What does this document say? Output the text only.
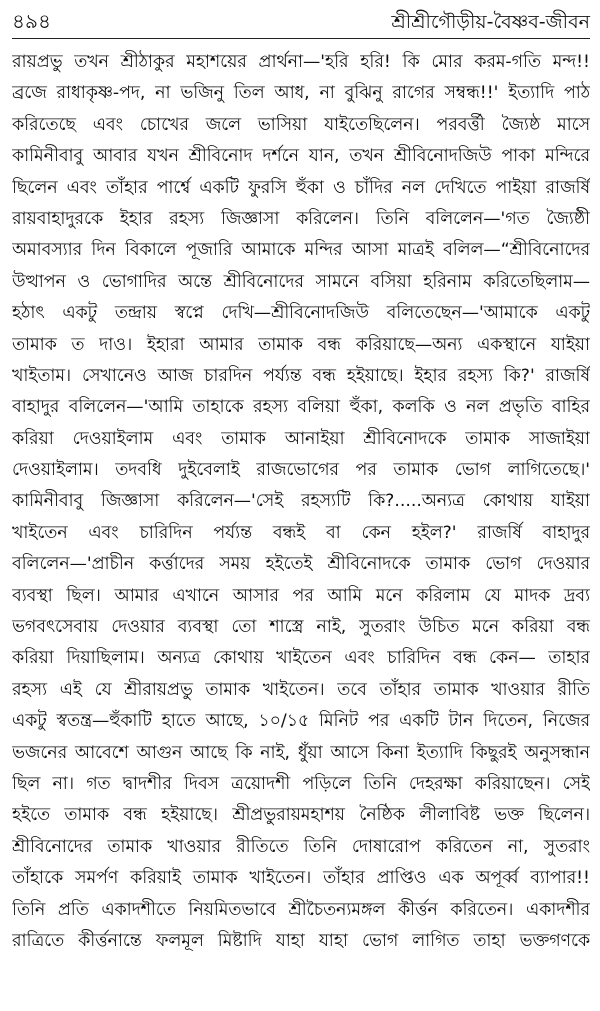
৪৯৪	শ্রীশ্রীগৌড়ীয়-বৈষ্ণব-জীবন
রায়প্রভু তখন শ্রীঠাকুর মহাশয়ের প্রার্থনা—'হরি হরি! কি মোর করম-গতি মন্দ!!
ব্রজে রাধাকৃষ্ণ-পদ, না ভজিনু তিল আধ, না বুঝিনু রাগের সম্বন্ধ!!' ইত্যাদি পাঠ
করিতেছে এবং চোখের জলে ভাসিয়া যাইতেছিলেন। পরবর্ত্তী জ্যৈষ্ঠ মাসে
কামিনীবাবু আবার যখন শ্রীবিনোদ দর্শনে যান, তখন শ্রীবিনোদজিউ পাকা মন্দিরে
ছিলেন এবং তাঁহার পার্শ্বে একটি ফুরসি হুঁকা ও চাঁদির নল দেখিতে পাইয়া রাজর্ষি
রায়বাহাদুরকে ইহার রহস্য জিজ্ঞাসা করিলেন। তিনি বলিলেন—'গত জ্যৈষ্ঠী
অমাবস্যার দিন বিকালে পূজারি আমাকে মন্দির আসা মাত্রই বলিল—“শ্রীবিনোদের
উত্থাপন ও ভোগাদির অন্তে শ্রীবিনোদের সামনে বসিয়া হরিনাম করিতেছিলাম—
হঠাৎ একটু তন্দ্রায় স্বপ্নে দেখি—শ্রীবিনোদজিউ বলিতেছেন—'আমাকে একটু
তামাক ত দাও। ইহারা আমার তামাক বন্ধ করিয়াছে—অন্য একস্থানে যাইয়া
খাইতাম। সেখানেও আজ চারদিন পর্য্যন্ত বন্ধ হইয়াছে। ইহার রহস্য কি?' রাজর্ষি
বাহাদুর বলিলেন—'আমি তাহাকে রহস্য বলিয়া হুঁকা, কলকি ও নল প্রভৃতি বাহির
করিয়া দেওয়াইলাম এবং তামাক আনাইয়া শ্রীবিনোদকে তামাক সাজাইয়া
দেওয়াইলাম। তদবধি দুইবেলাই রাজভোগের পর তামাক ভোগ লাগিতেছে।'
কামিনীবাবু জিজ্ঞাসা করিলেন—'সেই রহস্যটি কি?.....অন্যত্র কোথায় যাইয়া
খাইতেন এবং চারিদিন পর্য্যন্ত বন্ধই বা কেন হইল?' রাজর্ষি বাহাদুর
বলিলেন—'প্রাচীন কর্ত্তাদের সময় হইতেই শ্রীবিনোদকে তামাক ভোগ দেওয়ার
ব্যবস্থা ছিল। আমার এখানে আসার পর আমি মনে করিলাম যে মাদক দ্রব্য
ভগবৎসেবায় দেওয়ার ব্যবস্থা তো শাস্ত্রে নাই, সুতরাং উচিত মনে করিয়া বন্ধ
করিয়া দিয়াছিলাম। অন্যত্র কোথায় খাইতেন এবং চারিদিন বন্ধ কেন— তাহার
রহস্য এই যে শ্রীরায়প্রভু তামাক খাইতেন। তবে তাঁহার তামাক খাওয়ার রীতি
একটু স্বতন্ত্র—হুঁকাটি হাতে আছে, ১০/১৫ মিনিট পর একটি টান দিতেন, নিজের
ভজনের আবেশে আগুন আছে কি নাই, ধুঁয়া আসে কিনা ইত্যাদি কিছুরই অনুসন্ধান
ছিল না। গত দ্বাদশীর দিবস ত্রয়োদশী পড়িলে তিনি দেহরক্ষা করিয়াছেন। সেই
হইতে তামাক বন্ধ হইয়াছে। শ্রীপ্রভুরায়মহাশয় নৈষ্ঠিক লীলাবিষ্ট ভক্ত ছিলেন।
শ্রীবিনোদের তামাক খাওয়ার রীতিতে তিনি দোষারোপ করিতেন না, সুতরাং
তাঁহাকে সমর্পণ করিয়াই তামাক খাইতেন। তাঁহার প্রাপ্তিও এক অপূর্ব্ব ব্যাপার!!
তিনি প্রতি একাদশীতে নিয়মিতভাবে শ্রীচৈতন্যমঙ্গল কীর্ত্তন করিতেন। একাদশীর
রাত্রিতে কীর্ত্তনান্তে ফলমূল মিষ্টাদি যাহা যাহা ভোগ লাগিত তাহা ভক্তগণকে
